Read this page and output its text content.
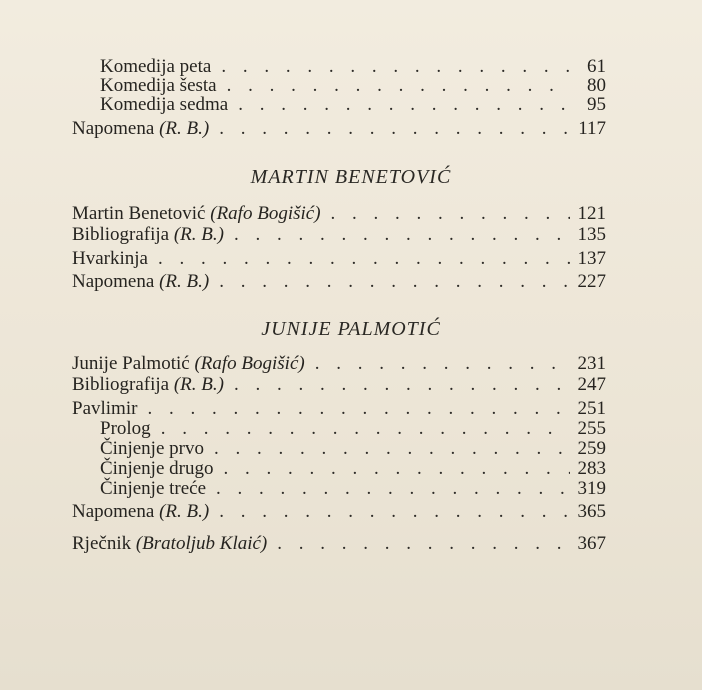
Komedija peta . . .	61
Komedija šesta . . .	80
Komedija sedma . . .	95
Napomena (R. B.) . . .	117
MARTIN BENETOVIĆ
Martin Benetović (Rafo Bogišić) . . .	121
Bibliografija (R. B.) . . .	135
Hvarkinja . . .	137
Napomena (R. B.) . . .	227
JUNIJE PALMOTIĆ
Junije Palmotić (Rafo Bogišić) . . .	231
Bibliografija (R. B.) . . .	247
Pavlimir . . .	251
Prolog . . .	255
Činjenje prvo . . .	259
Činjenje drugo . . .	283
Činjenje treće . . .	319
Napomena (R. B.) . . .	365
Rječnik (Bratoljub Klaić) . . .	367
